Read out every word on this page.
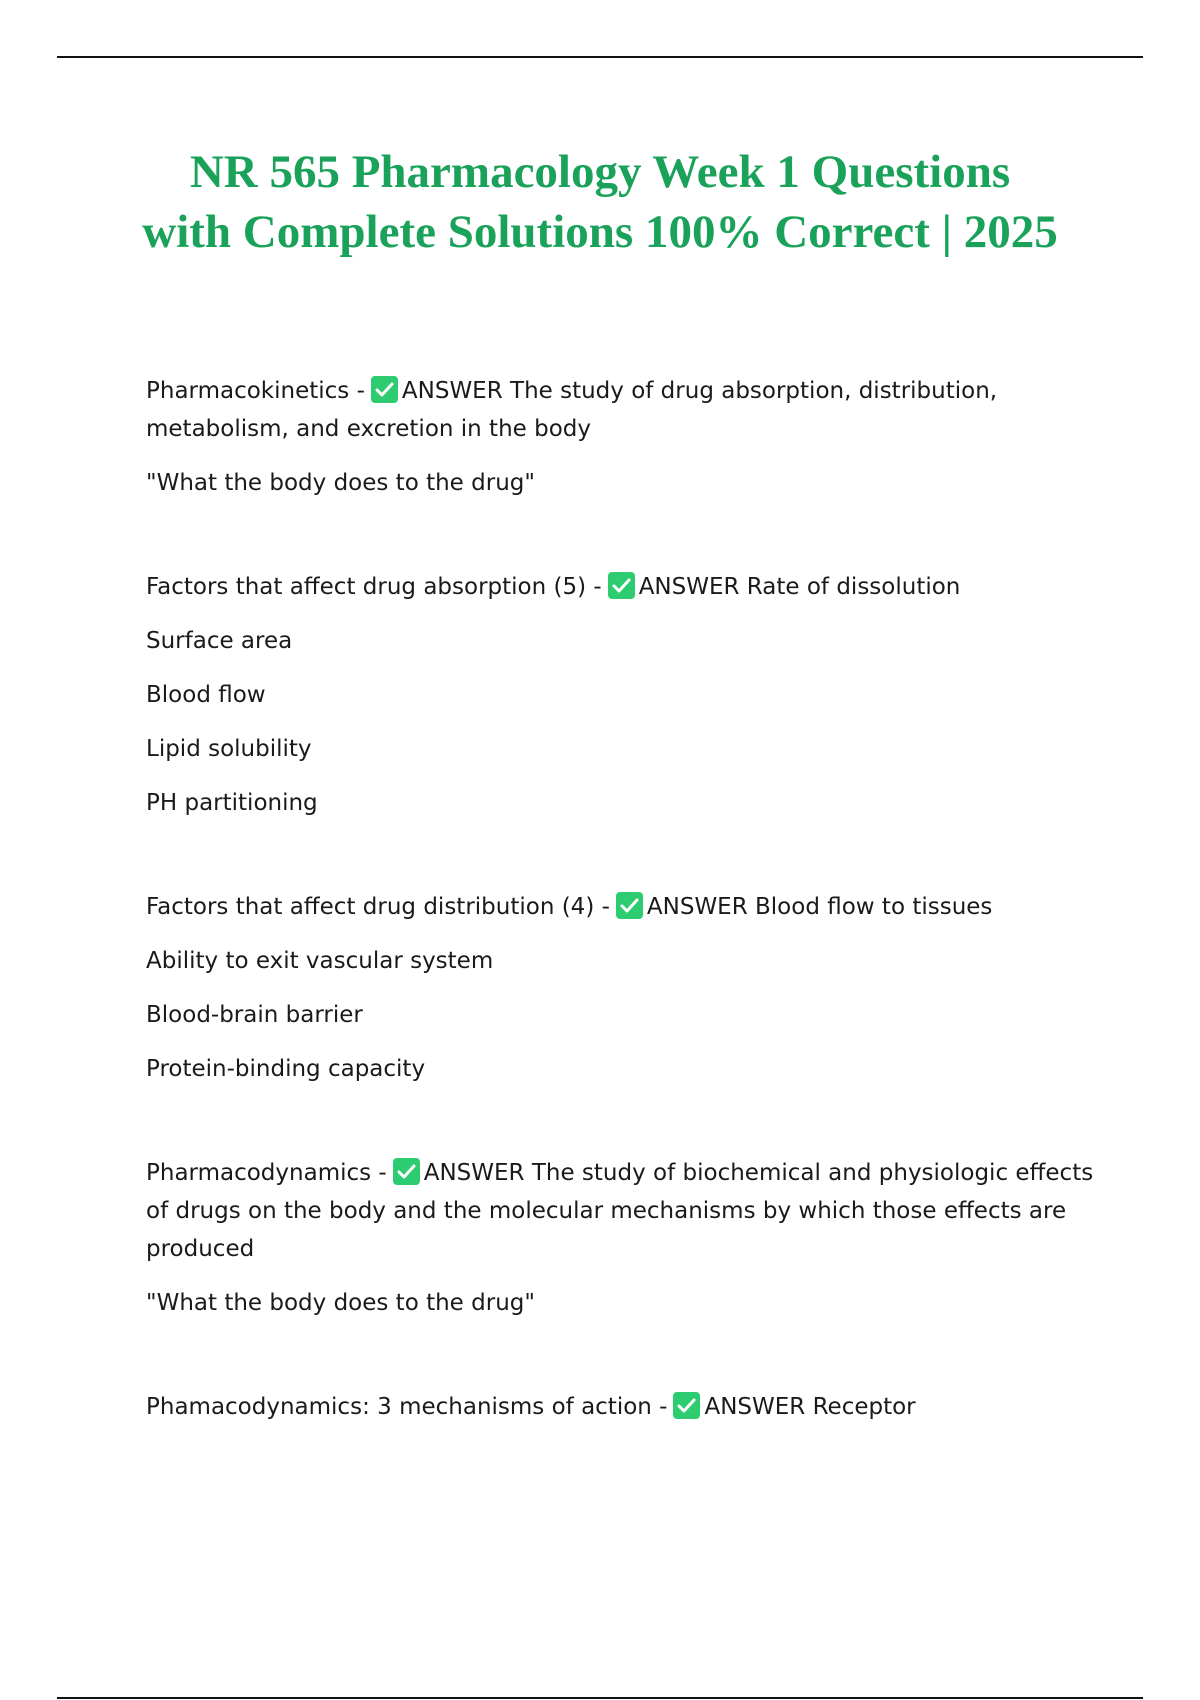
NR 565 Pharmacology Week 1 Questions
with Complete Solutions 100% Correct | 2025

Pharmacokinetics - ANSWER The study of drug absorption, distribution, metabolism, and excretion in the body

"What the body does to the drug"

Factors that affect drug absorption (5) - ANSWER Rate of dissolution

Surface area

Blood flow

Lipid solubility

PH partitioning

Factors that affect drug distribution (4) - ANSWER Blood flow to tissues

Ability to exit vascular system

Blood-brain barrier

Protein-binding capacity

Pharmacodynamics - ANSWER The study of biochemical and physiologic effects of drugs on the body and the molecular mechanisms by which those effects are produced

"What the body does to the drug"

Phamacodynamics: 3 mechanisms of action - ANSWER Receptor
